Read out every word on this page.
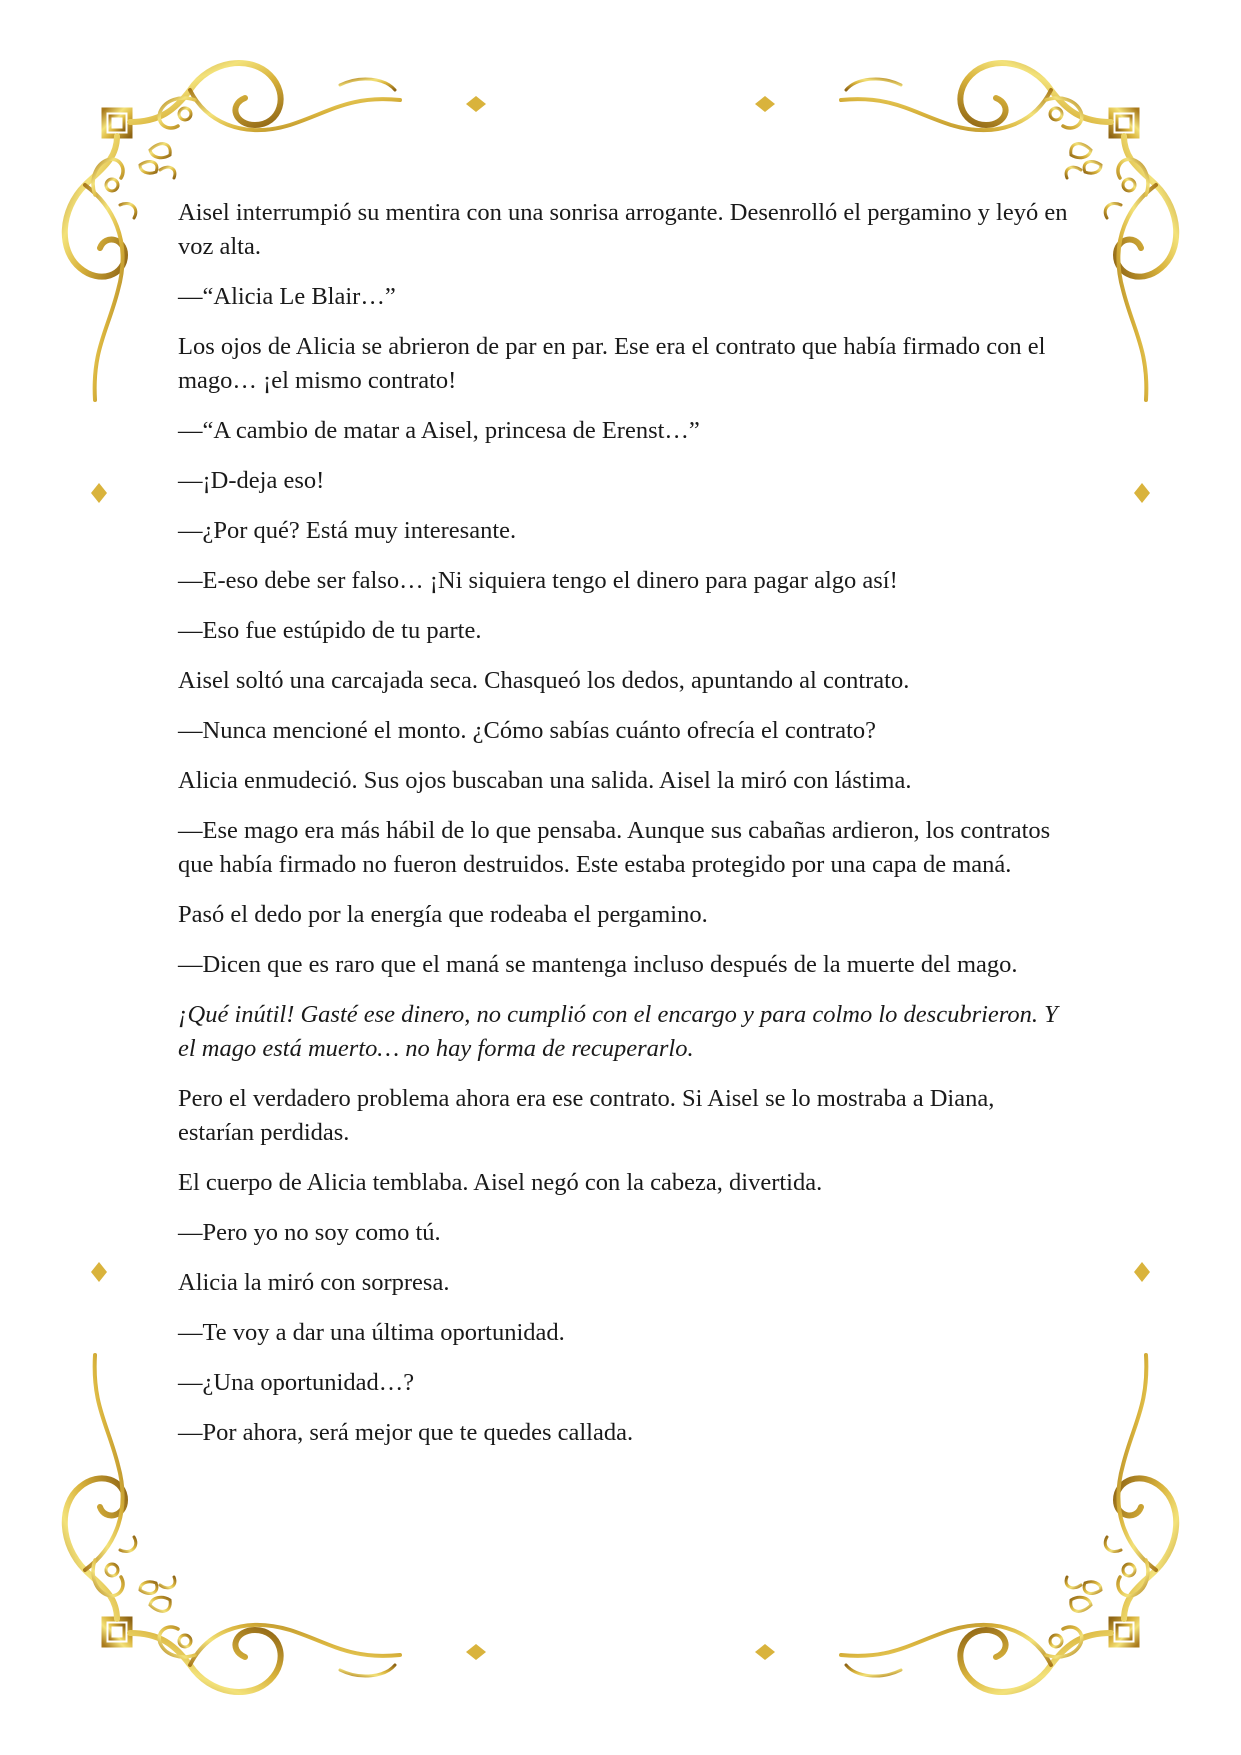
Aisel interrumpió su mentira con una sonrisa arrogante. Desenrolló el pergamino y leyó en voz alta.

—“Alicia Le Blair…”

Los ojos de Alicia se abrieron de par en par. Ese era el contrato que había firmado con el mago… ¡el mismo contrato!

—“A cambio de matar a Aisel, princesa de Erenst…”

—¡D-deja eso!

—¿Por qué? Está muy interesante.

—E-eso debe ser falso… ¡Ni siquiera tengo el dinero para pagar algo así!

—Eso fue estúpido de tu parte.

Aisel soltó una carcajada seca. Chasqueó los dedos, apuntando al contrato.

—Nunca mencioné el monto. ¿Cómo sabías cuánto ofrecía el contrato?

Alicia enmudeció. Sus ojos buscaban una salida. Aisel la miró con lástima.

—Ese mago era más hábil de lo que pensaba. Aunque sus cabañas ardieron, los contratos que había firmado no fueron destruidos. Este estaba protegido por una capa de maná.

Pasó el dedo por la energía que rodeaba el pergamino.

—Dicen que es raro que el maná se mantenga incluso después de la muerte del mago.

¡Qué inútil! Gasté ese dinero, no cumplió con el encargo y para colmo lo descubrieron. Y el mago está muerto… no hay forma de recuperarlo.

Pero el verdadero problema ahora era ese contrato. Si Aisel se lo mostraba a Diana, estarían perdidas.

El cuerpo de Alicia temblaba. Aisel negó con la cabeza, divertida.

—Pero yo no soy como tú.

Alicia la miró con sorpresa.

—Te voy a dar una última oportunidad.

—¿Una oportunidad…?

—Por ahora, será mejor que te quedes callada.
